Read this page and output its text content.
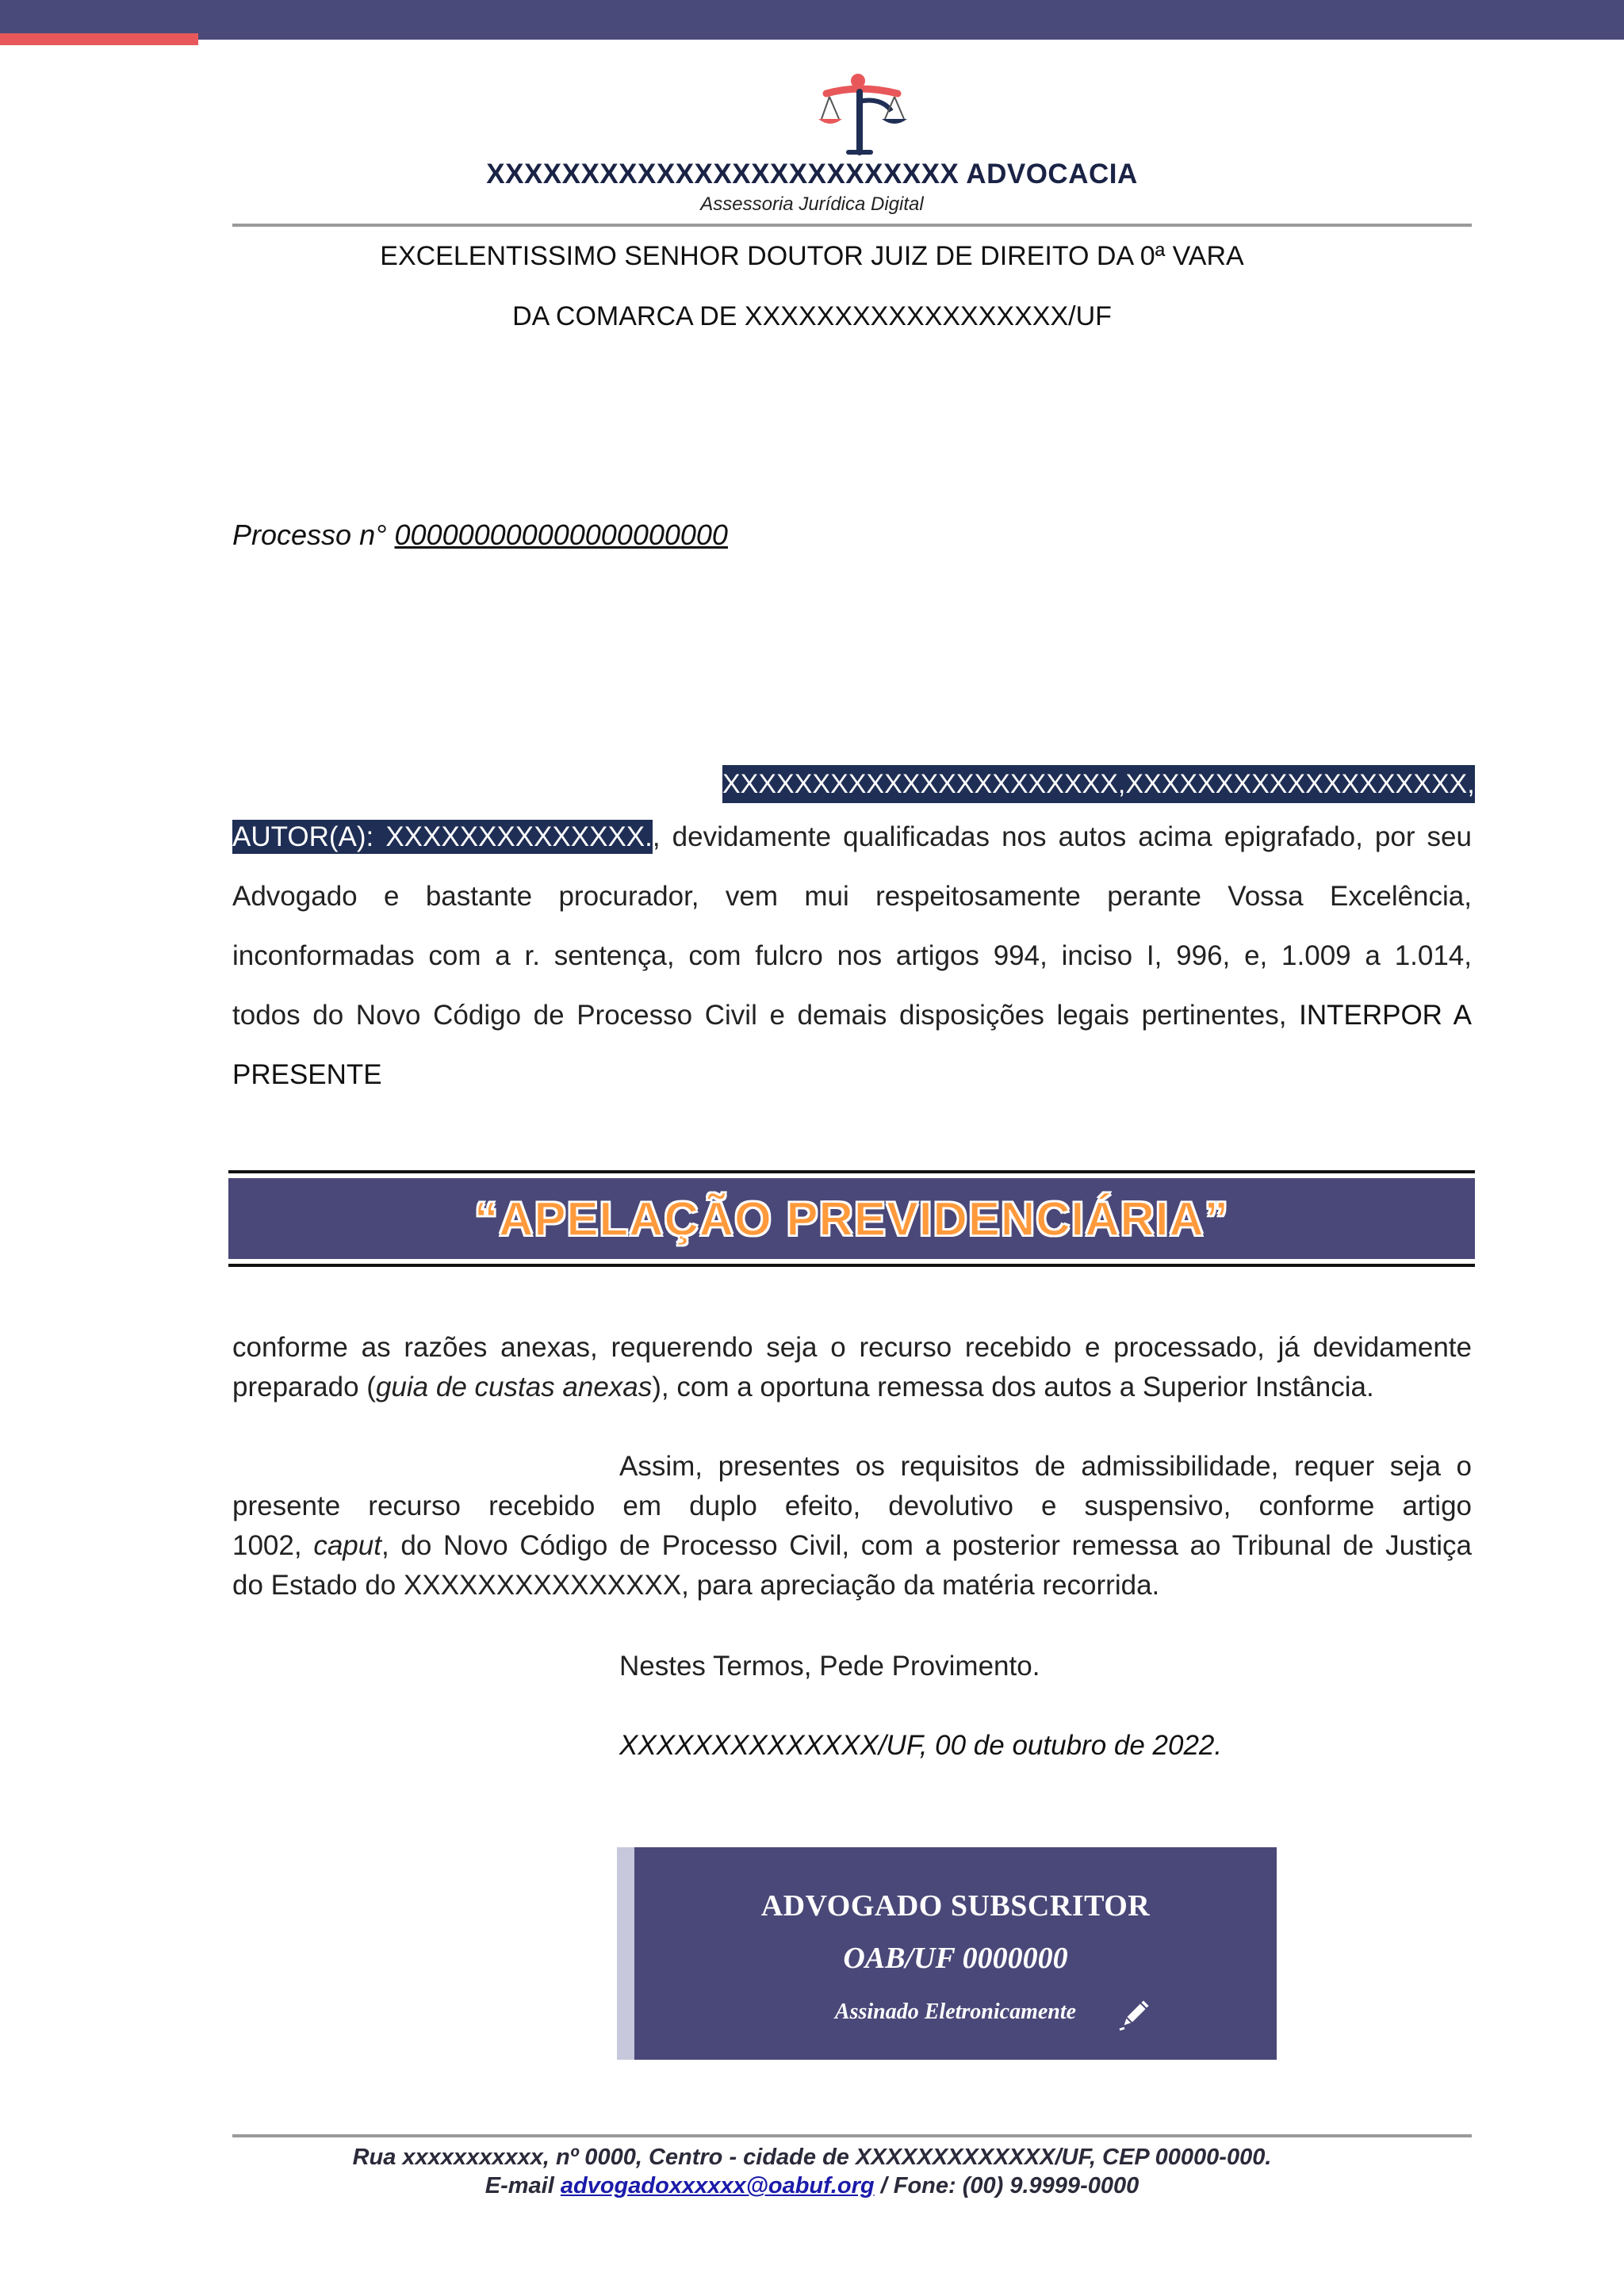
XXXXXXXXXXXXXXXXXXXXXXXXX ADVOCACIA
Assessoria Jurídica Digital
EXCELENTISSIMO SENHOR DOUTOR JUIZ DE DIREITO DA 0ª VARA
DA COMARCA DE XXXXXXXXXXXXXXXXXX/UF
Processo n° 000000000000000000000
XXXXXXXXXXXXXXXXXXXXXX, XXXXXXXXXXXXXXXXXXX,
AUTOR(A): XXXXXXXXXXXXXX., devidamente qualificadas nos autos acima epigrafado, por seu
Advogado e bastante procurador, vem mui respeitosamente perante Vossa Excelência,
inconformadas com a r. sentença, com fulcro nos artigos 994, inciso I, 996, e, 1.009 a 1.014,
todos do Novo Código de Processo Civil e demais disposições legais pertinentes, INTERPOR A
PRESENTE
“APELAÇÃO PREVIDENCIÁRIA”
conforme as razões anexas, requerendo seja o recurso recebido e processado, já devidamente
preparado (guia de custas anexas), com a oportuna remessa dos autos a Superior Instância.
Assim, presentes os requisitos de admissibilidade, requer seja o
presente recurso recebido em duplo efeito, devolutivo e suspensivo, conforme artigo
1002, caput, do Novo Código de Processo Civil, com a posterior remessa ao Tribunal de Justiça
do Estado do XXXXXXXXXXXXXXX, para apreciação da matéria recorrida.
Nestes Termos, Pede Provimento.
XXXXXXXXXXXXXX/UF, 00 de outubro de 2022.
ADVOGADO SUBSCRITOR
OAB/UF 0000000
Assinado Eletronicamente
Rua xxxxxxxxxxx, nº 0000, Centro - cidade de XXXXXXXXXXXXX/UF, CEP 00000-000.
E-mail advogadoxxxxxx@oabuf.org / Fone: (00) 9.9999-0000
